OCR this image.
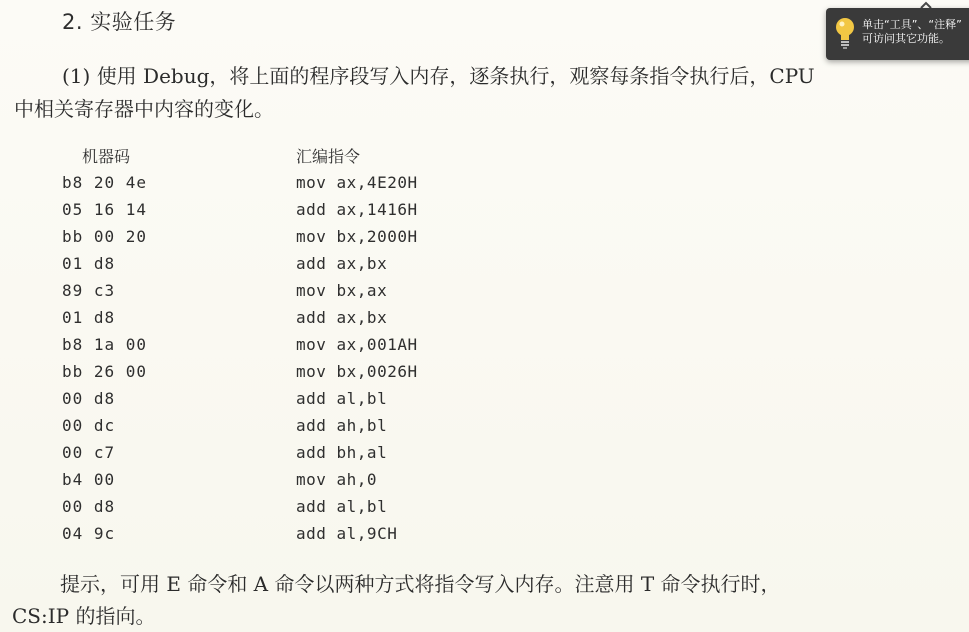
2. 实验任务
(1) 使用 Debug，将上面的程序段写入内存，逐条执行，观察每条指令执行后，CPU
中相关寄存器中内容的变化。
机器码	汇编指令
b8 20 4e	mov ax,4E20H
05 16 14	add ax,1416H
bb 00 20	mov bx,2000H
01 d8	add ax,bx
89 c3	mov bx,ax
01 d8	add ax,bx
b8 1a 00	mov ax,001AH
bb 26 00	mov bx,0026H
00 d8	add al,bl
00 dc	add ah,bl
00 c7	add bh,al
b4 00	mov ah,0
00 d8	add al,bl
04 9c	add al,9CH
提示，可用 E 命令和 A 命令以两种方式将指令写入内存。注意用 T 命令执行时，
CS:IP 的指向。
单击“工具”、“注释”
可访问其它功能。
